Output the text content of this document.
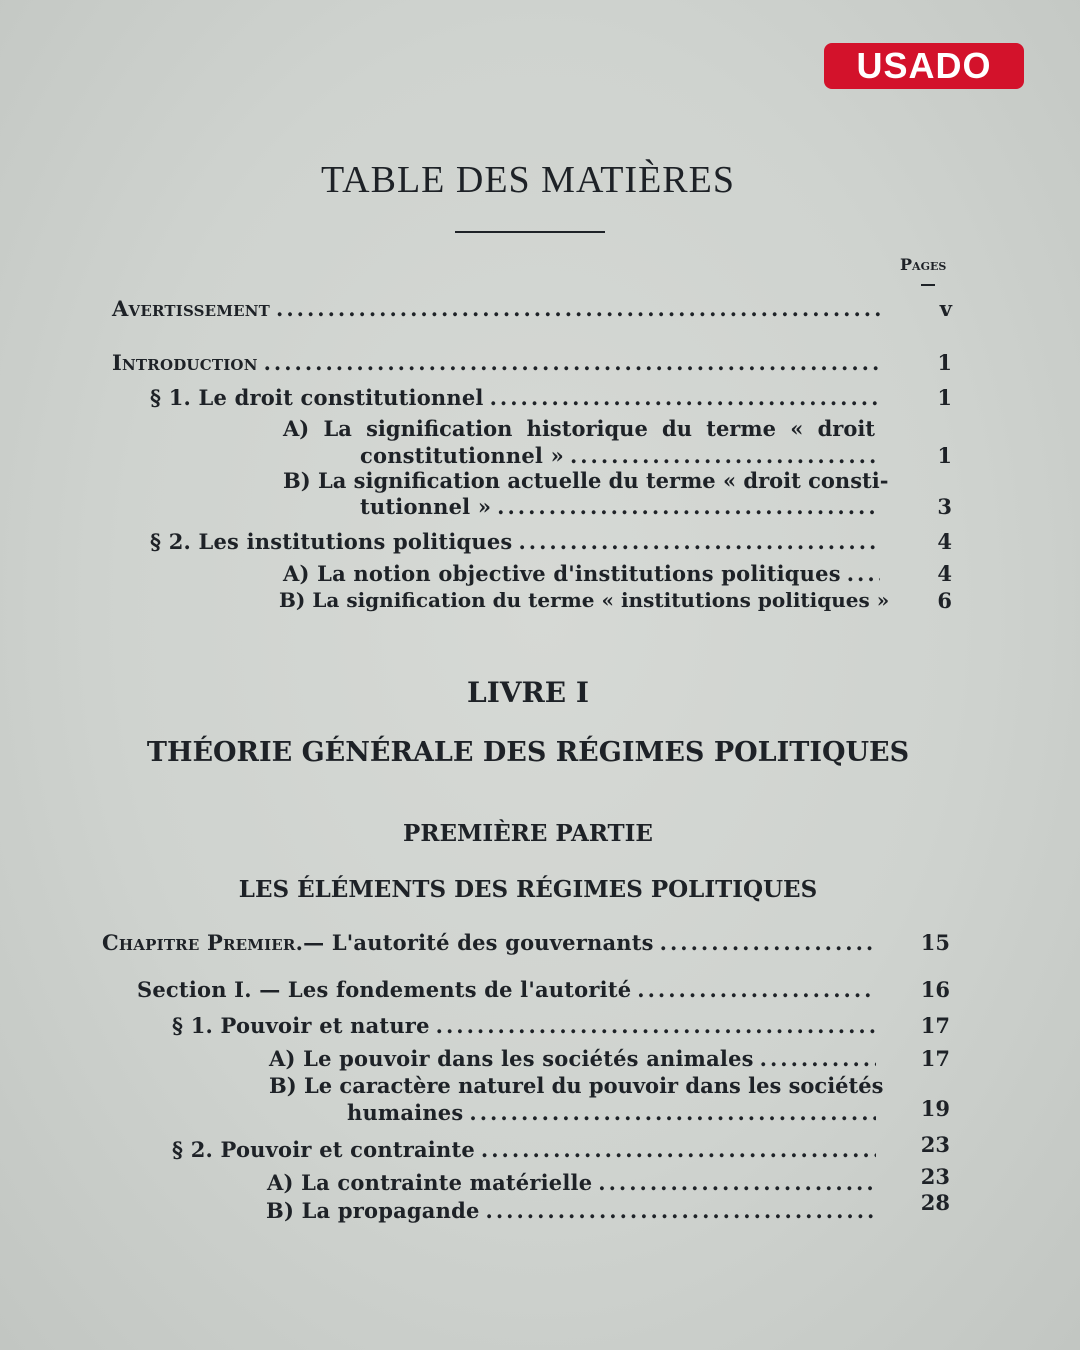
USADO
TABLE DES MATIÈRES
Pages
Avertissement .....	v
Introduction .....	1
§ 1. Le droit constitutionnel .....	1
A) La signification historique du terme « droit
constitutionnel » .....	1
B) La signification actuelle du terme « droit consti-
tutionnel » .....	3
§ 2. Les institutions politiques .....	4
A) La notion objective d'institutions politiques .....	4
B) La signification du terme « institutions politiques »	6
LIVRE I
THÉORIE GÉNÉRALE DES RÉGIMES POLITIQUES
PREMIÈRE PARTIE
LES ÉLÉMENTS DES RÉGIMES POLITIQUES
Chapitre Premier. — L'autorité des gouvernants .....	15
Section I. — Les fondements de l'autorité .....	16
§ 1. Pouvoir et nature .....	17
A) Le pouvoir dans les sociétés animales .....	17
B) Le caractère naturel du pouvoir dans les sociétés
humaines .....	19
§ 2. Pouvoir et contrainte .....	23
A) La contrainte matérielle .....	23
B) La propagande .....	28
